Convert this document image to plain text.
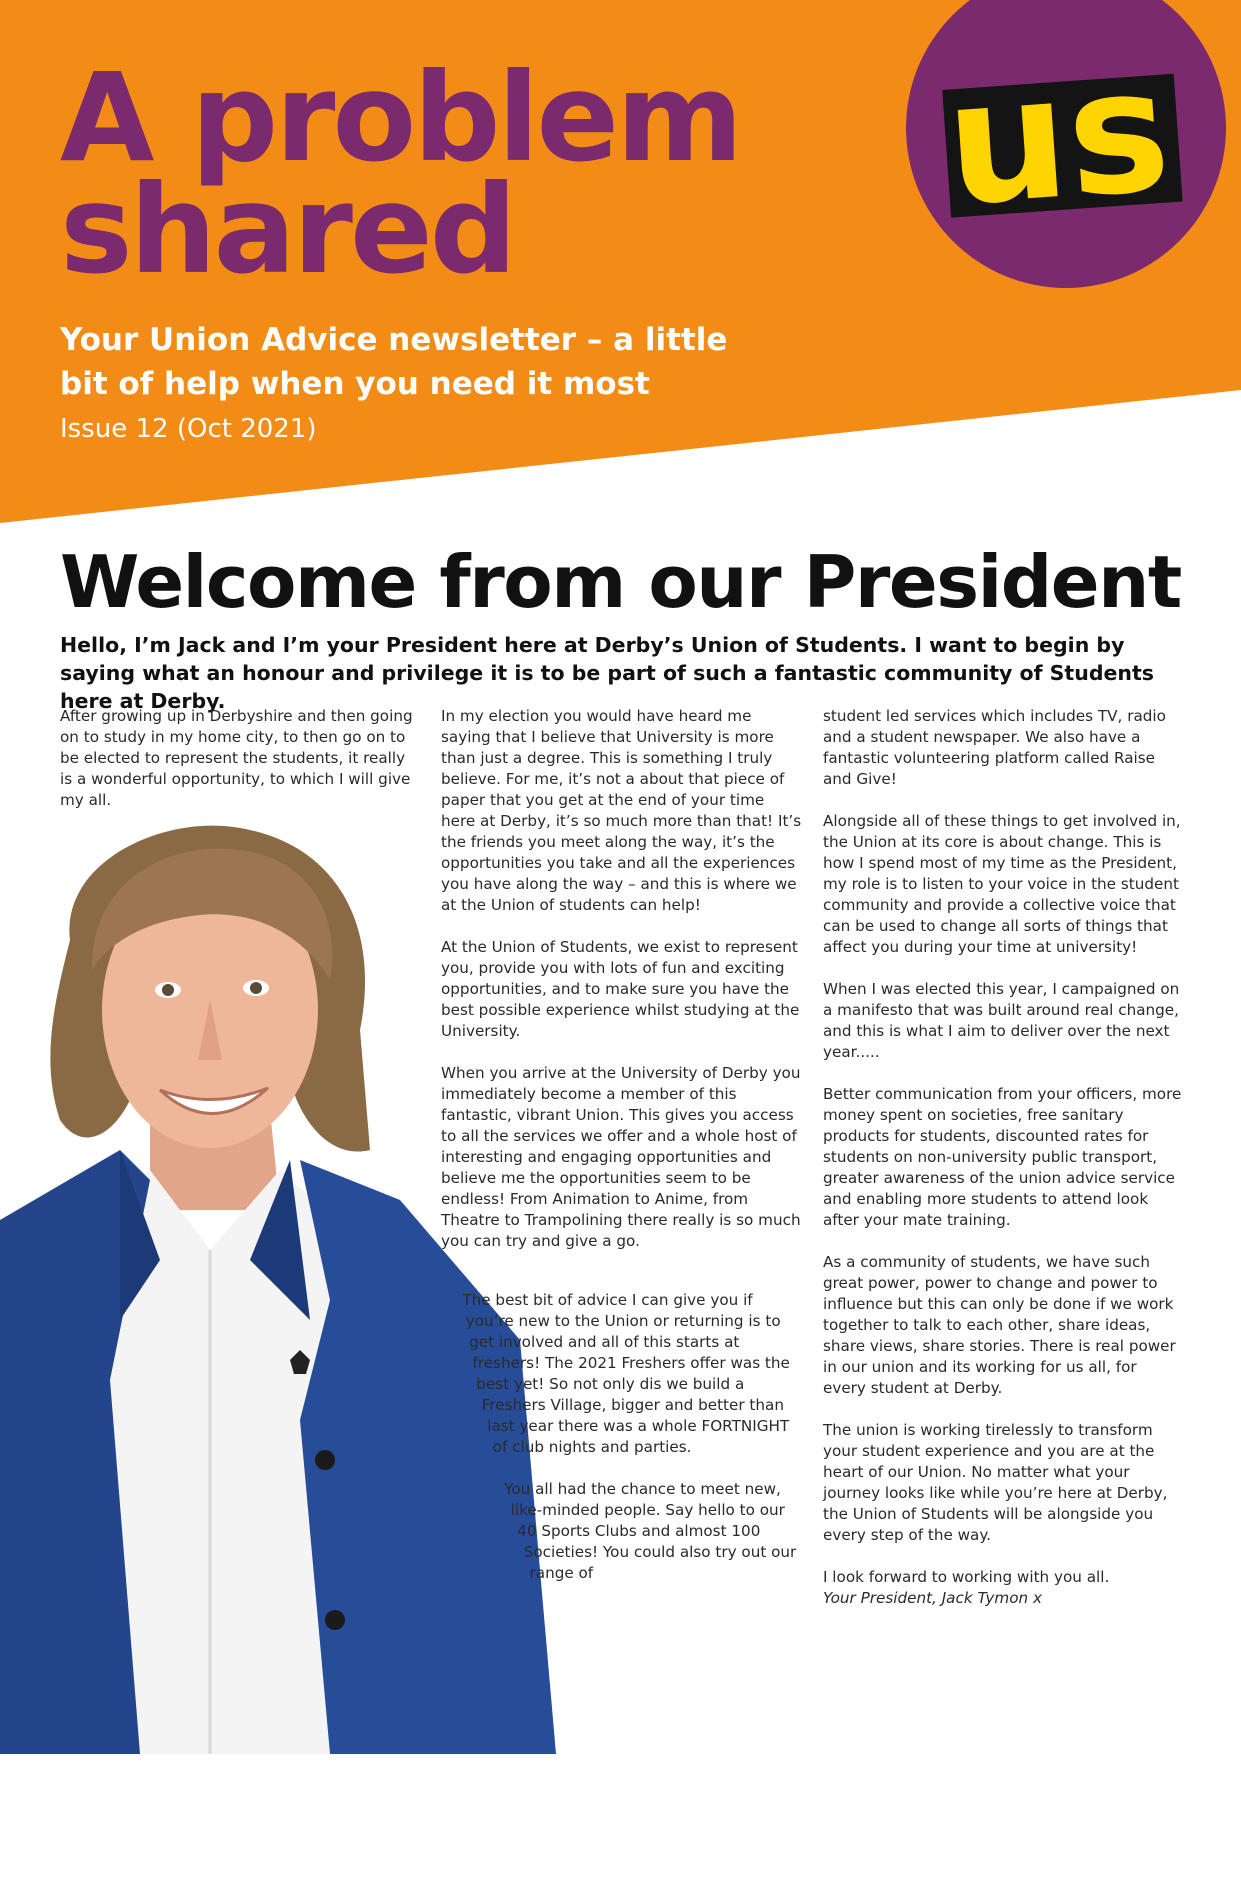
us
A problem
shared

Your Union Advice newsletter – a little
bit of help when you need it most

Issue 12 (Oct 2021)

Welcome from our President

Hello, I’m Jack and I’m your President here at Derby’s Union of Students. I want to begin by saying what an honour and privilege it is to be part of such a fantastic community of Students here at Derby.

After growing up in Derbyshire and then going on to study in my home city, to then go on to be elected to represent the students, it really is a wonderful opportunity, to which I will give my all.

In my election you would have heard me saying that I believe that University is more than just a degree. This is something I truly believe. For me, it’s not a about that piece of paper that you get at the end of your time here at Derby, it’s so much more than that! It’s the friends you meet along the way, it’s the opportunities you take and all the experiences you have along the way – and this is where we at the Union of students can help!

At the Union of Students, we exist to represent you, provide you with lots of fun and exciting opportunities, and to make sure you have the best possible experience whilst studying at the University.

When you arrive at the University of Derby you immediately become a member of this fantastic, vibrant Union. This gives you access to all the services we offer and a whole host of interesting and engaging opportunities and believe me the opportunities seem to be endless! From Animation to Anime, from Theatre to Trampolining there really is so much you can try and give a go.

The best bit of advice I can give you if you’re new to the Union or returning is to get involved and all of this starts at freshers! The 2021 Freshers offer was the best yet! So not only dis we build a Freshers Village, bigger and better than last year there was a whole FORTNIGHT of club nights and parties.

You all had the chance to meet new, like-minded people. Say hello to our 40 Sports Clubs and almost 100 Societies! You could also try out our range of

student led services which includes TV, radio and a student newspaper. We also have a fantastic volunteering platform called Raise and Give!

Alongside all of these things to get involved in, the Union at its core is about change. This is how I spend most of my time as the President, my role is to listen to your voice in the student community and provide a collective voice that can be used to change all sorts of things that affect you during your time at university!

When I was elected this year, I campaigned on a manifesto that was built around real change, and this is what I aim to deliver over the next year.....

Better communication from your officers, more money spent on societies, free sanitary products for students, discounted rates for students on non-university public transport, greater awareness of the union advice service and enabling more students to attend look after your mate training.

As a community of students, we have such great power, power to change and power to influence but this can only be done if we work together to talk to each other, share ideas, share views, share stories. There is real power in our union and its working for us all, for every student at Derby.

The union is working tirelessly to transform your student experience and you are at the heart of our Union. No matter what your journey looks like while you’re here at Derby, the Union of Students will be alongside you every step of the way.

I look forward to working with you all.
Your President, Jack Tymon x
